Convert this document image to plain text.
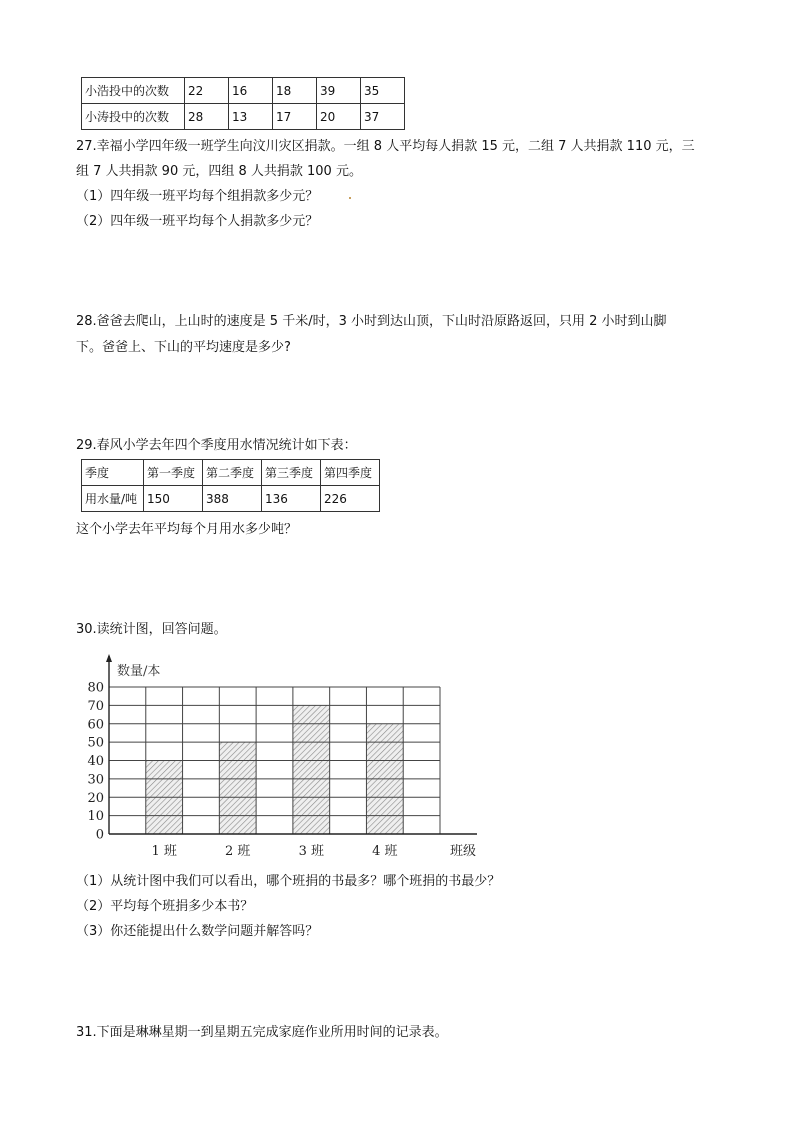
小浩投中的次数	22	16	18	39	35
小涛投中的次数	28	13	17	20	37
27.幸福小学四年级一班学生向汶川灾区捐款。一组 8 人平均每人捐款 15 元，二组 7 人共捐款 110 元，三
组 7 人共捐款 90 元，四组 8 人共捐款 100 元。
（1）四年级一班平均每个组捐款多少元？
（2）四年级一班平均每个人捐款多少元？
28.爸爸去爬山，上山时的速度是 5 千米/时，3 小时到达山顶，下山时沿原路返回，只用 2 小时到山脚
下。爸爸上、下山的平均速度是多少?
29.春风小学去年四个季度用水情况统计如下表：
季度	第一季度	第二季度	第三季度	第四季度
用水量/吨	150	388	136	226
这个小学去年平均每个月用水多少吨？
30.读统计图，回答问题。
0
10
20
30
40
50
60
70
80
数量/本
1 班	2 班	3 班	4 班	班级
（1）从统计图中我们可以看出，哪个班捐的书最多？哪个班捐的书最少？
（2）平均每个班捐多少本书？
（3）你还能提出什么数学问题并解答吗？
31.下面是琳琳星期一到星期五完成家庭作业所用时间的记录表。
